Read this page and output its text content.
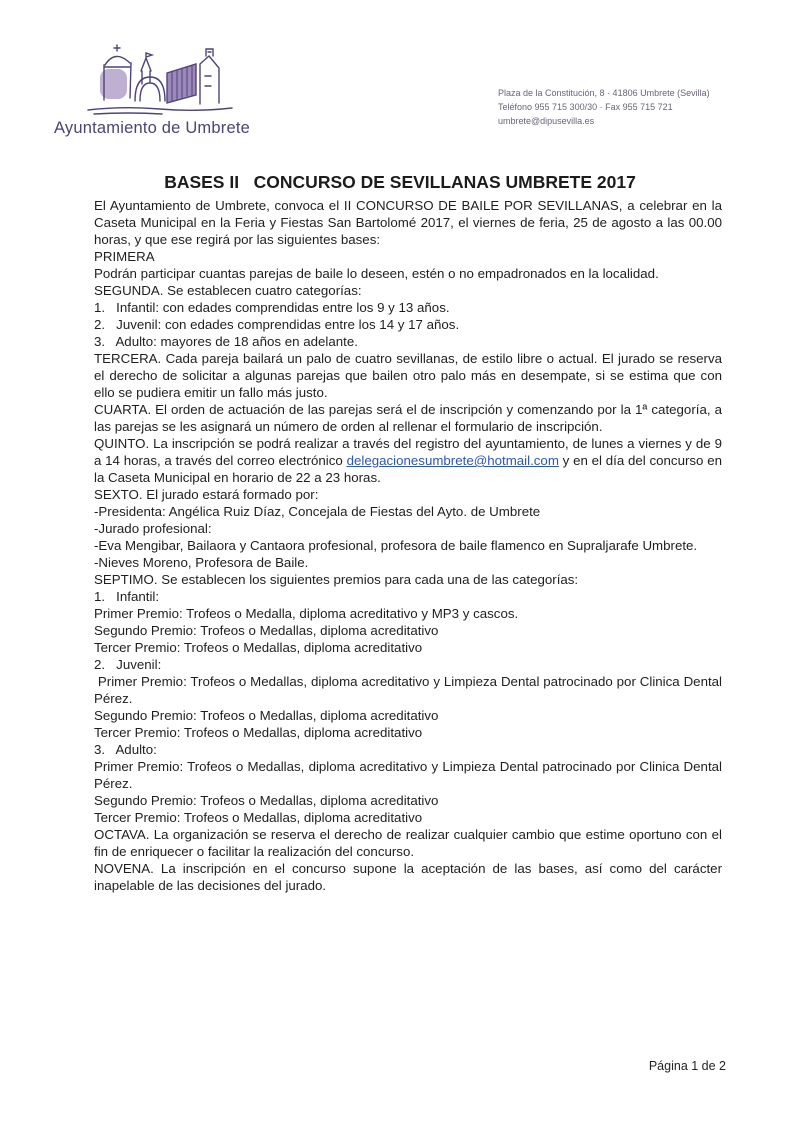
Ayuntamiento de Umbrete
Plaza de la Constitución, 8 · 41806 Umbrete (Sevilla)
Teléfono 955 715 300/30 · Fax 955 715 721
umbrete@dipusevilla.es
BASES II   CONCURSO DE SEVILLANAS UMBRETE 2017

El Ayuntamiento de Umbrete, convoca el II CONCURSO DE BAILE POR SEVILLANAS, a celebrar en la Caseta Municipal en la Feria y Fiestas San Bartolomé 2017, el viernes de feria, 25 de agosto a las 00.00 horas, y que ese regirá por las siguientes bases:

PRIMERA
Podrán participar cuantas parejas de baile lo deseen, estén o no empadronados en la localidad.
SEGUNDA. Se establecen cuatro categorías:
1.   Infantil: con edades comprendidas entre los 9 y 13 años.
2.   Juvenil: con edades comprendidas entre los 14 y 17 años.
3.   Adulto: mayores de 18 años en adelante.

TERCERA. Cada pareja bailará un palo de cuatro sevillanas, de estilo libre o actual. El jurado se reserva el derecho de solicitar a algunas parejas que bailen otro palo más en desempate, si se estima que con ello se pudiera emitir un fallo más justo.

CUARTA. El orden de actuación de las parejas será el de inscripción y comenzando por la 1ª categoría, a las parejas se les asignará un número de orden al rellenar el formulario de inscripción.

QUINTO. La inscripción se podrá realizar a través del registro del ayuntamiento, de lunes a viernes y de 9 a 14 horas, a través del correo electrónico delegacionesumbrete@hotmail.com y en el día del concurso en la Caseta Municipal en horario de 22 a 23 horas.

SEXTO. El jurado estará formado por:
-Presidenta: Angélica Ruiz Díaz, Concejala de Fiestas del Ayto. de Umbrete
-Jurado profesional:
-Eva Mengibar, Bailaora y Cantaora profesional, profesora de baile flamenco en Supraljarafe Umbrete.
-Nieves Moreno, Profesora de Baile.
SEPTIMO. Se establecen los siguientes premios para cada una de las categorías:
1.   Infantil:
Primer Premio: Trofeos o Medalla, diploma acreditativo y MP3 y cascos.
Segundo Premio: Trofeos o Medallas, diploma acreditativo
Tercer Premio: Trofeos o Medallas, diploma acreditativo
2.   Juvenil:
Primer Premio: Trofeos o Medallas, diploma acreditativo y Limpieza Dental patrocinado por Clinica Dental Pérez.
Segundo Premio: Trofeos o Medallas, diploma acreditativo
Tercer Premio: Trofeos o Medallas, diploma acreditativo
3.   Adulto:
Primer Premio: Trofeos o Medallas, diploma acreditativo y Limpieza Dental patrocinado por Clinica Dental Pérez.
Segundo Premio: Trofeos o Medallas, diploma acreditativo
Tercer Premio: Trofeos o Medallas, diploma acreditativo

OCTAVA. La organización se reserva el derecho de realizar cualquier cambio que estime oportuno con el fin de enriquecer o facilitar la realización del concurso.

NOVENA. La inscripción en el concurso supone la aceptación de las bases, así como del carácter inapelable de las decisiones del jurado.

Página 1 de 2
